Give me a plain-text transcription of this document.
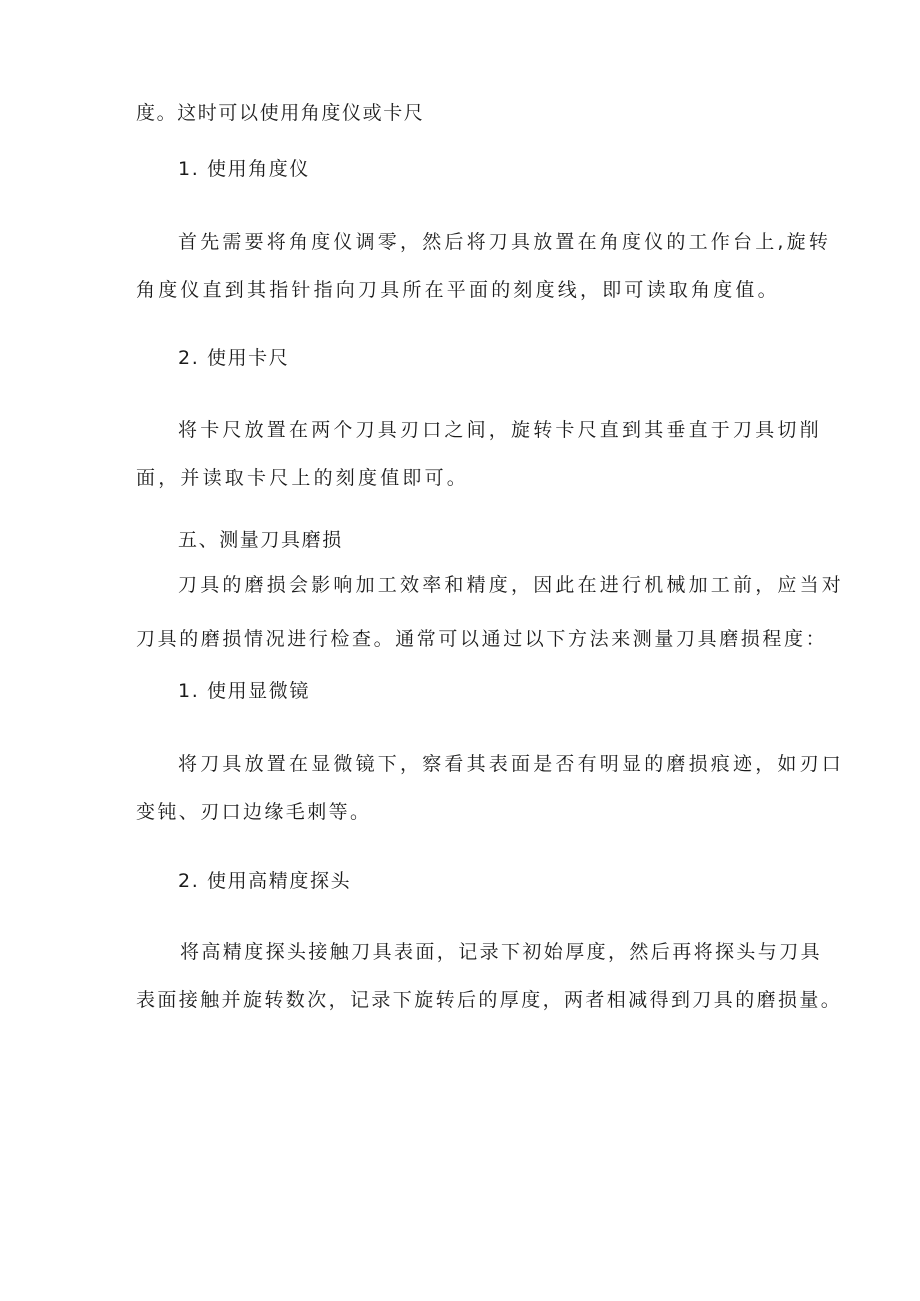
度。这时可以使用角度仪或卡尺

1. 使用角度仪

首先需要将角度仪调零，然后将刀具放置在角度仪的工作台上,旋转

角度仪直到其指针指向刀具所在平面的刻度线，即可读取角度值。

2. 使用卡尺

将卡尺放置在两个刀具刃口之间，旋转卡尺直到其垂直于刀具切削

面，并读取卡尺上的刻度值即可。

五、测量刀具磨损

刀具的磨损会影响加工效率和精度，因此在进行机械加工前，应当对

刀具的磨损情况进行检查。通常可以通过以下方法来测量刀具磨损程度：

1. 使用显微镜

将刀具放置在显微镜下，察看其表面是否有明显的磨损痕迹，如刃口

变钝、刃口边缘毛刺等。

2. 使用高精度探头

将高精度探头接触刀具表面，记录下初始厚度，然后再将探头与刀具

表面接触并旋转数次，记录下旋转后的厚度，两者相减得到刀具的磨损量。
